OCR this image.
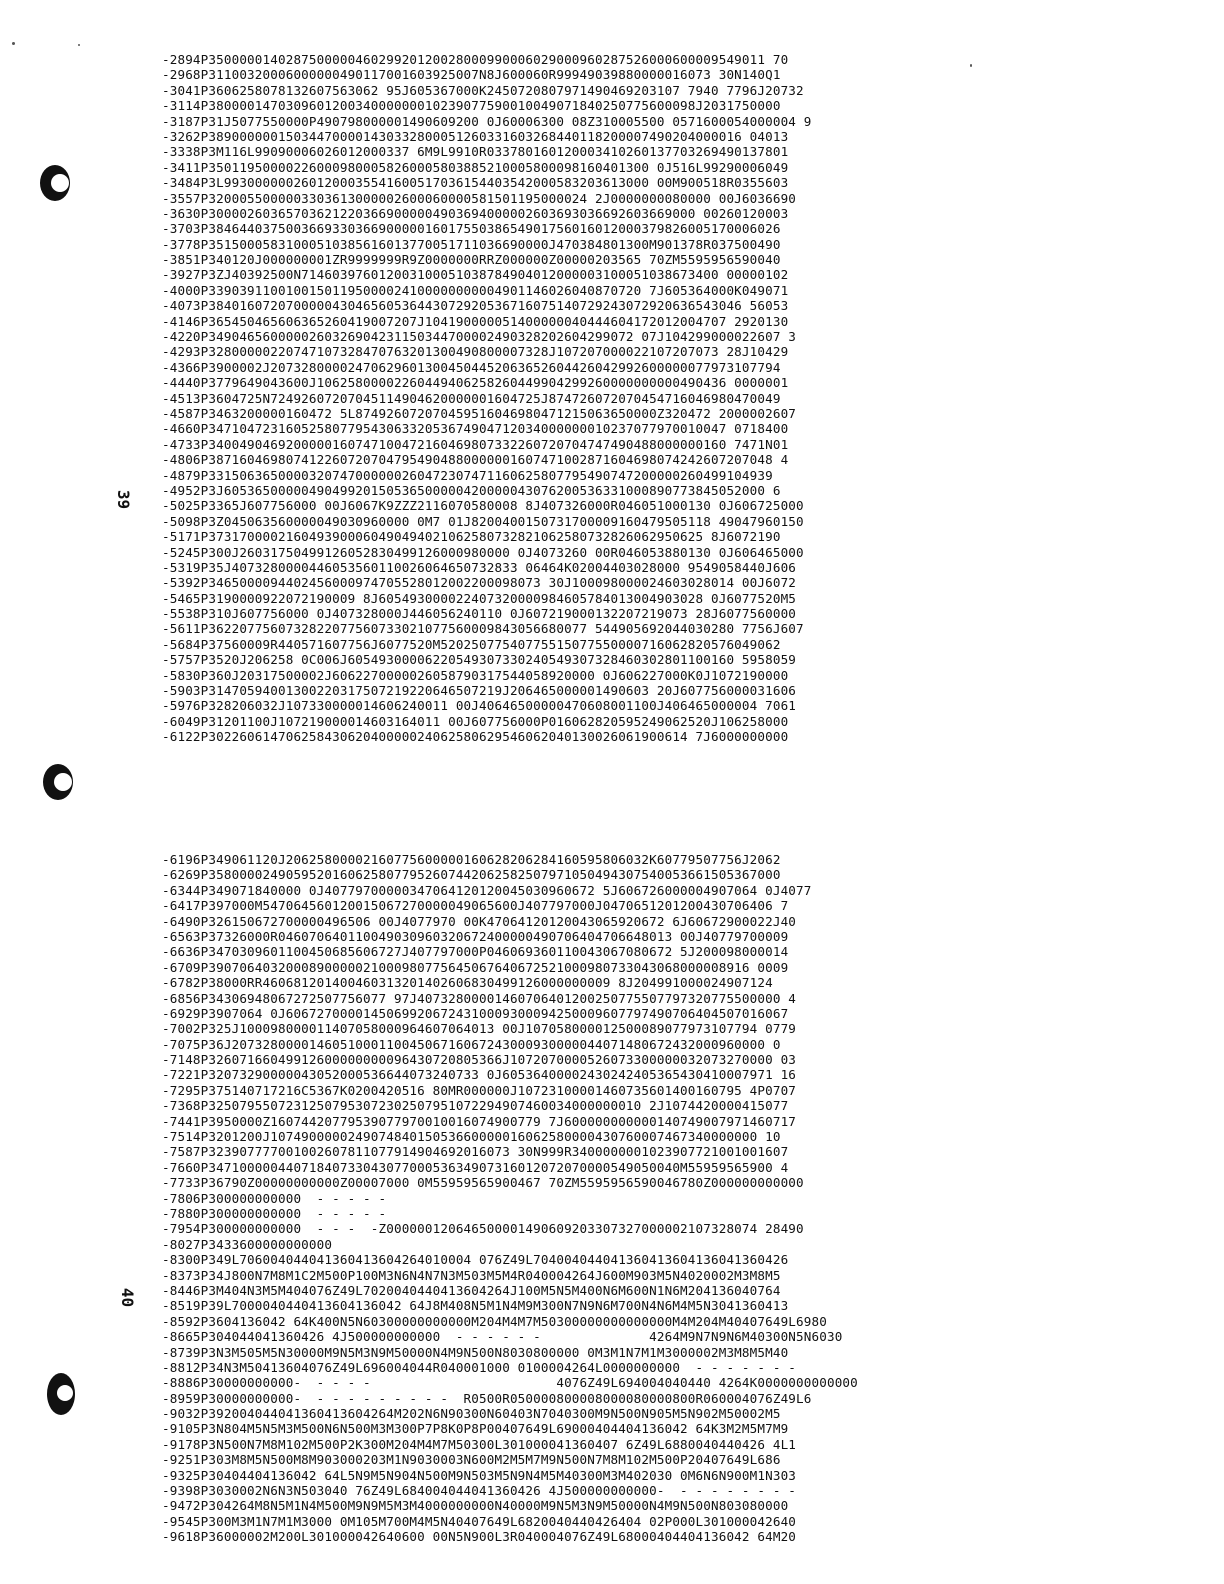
39
40
-2894P350000014028750000046029920120028000990006029000960287526000600009549011 70
-2968P31100320006000000490117001603925007N8J600060R99949039880000016073 30N140Q1
-3041P3606258078132607563062 95J605367000K2450720807971490469203107 7940 7796J20732
-3114P380000147030960120034000000010239077590010049071840250775600098J2031750000
-3187P31J5077550000P490798000001490609200 0J60006300 08Z310005500 0571600054000004 9
-3262P389000000150344700001430332800051260331603268440118200007490204000016 04013
-3338P3M116L99090006026012000337 6M9L9910R033780160120003410260137703269490137801
-3411P350119500002260009800058260005803885210005800098160401300 0J516L99290006049
-3484P3L9930000002601200035541600517036154403542000583203613000 00M900518R0355603
-3557P3200055000003303613000002600060000581501195000024 2J0000000080000 00J6036690
-3630P300002603657036212203669000004903694000002603693036692603669000 00260120003
-3703P38464403750036693303669000001601755038654901756016012000379826005170006026
-3778P35150005831000510385616013770051711036690000J470384801300M901378R037500490
-3851P340120J000000001ZR9999999R9Z0000000RRZ000000Z00000203565 70ZM5595956590040
-3927P3ZJ40392500N714603976012003100051038784904012000003100051038673400 00000102
-4000P33903911001001501195000024100000000004901146026040870720 7J605364000K049071
-4073P384016072070000043046560536443072920536716075140729243072920636543046 56053
-4146P365450465606365260419007207J104190000051400000040444604172012004707 2920130
-4220P3490465600000260326904231150344700002490328202604299072 07J104299000022607 3
-4293P32800000220747107328470763201300490800007328J107207000022107207073 28J10429
-4366P3900002J207328000024706296013004504452063652604426042992600000077973107794
-4440P3779649043600J10625800002260449406258260449904299260000000000490436 0000001
-4513P3604725N72492607207045114904620000001604725J874726072070454716046980470049
-4587P3463200000160472 5L874926072070459516046980471215063650000Z320472 2000002607
-4660P3471047231605258077954306332053674904712034000000010237077970010047 0718400
-4733P3400490469200000160747100472160469807332260720704747490488000000160 7471N01
-4806P3871604698074122607207047954904880000001607471002871604698074242607207048 4
-4879P3315063650000320747000000260472307471160625807795490747200000260499104939
-4952P3J6053650000049049920150536500000420000043076200536331000890773845052000 6
-5025P3365J607756000 00J6067K9ZZZ2116070580008 8J407326000R046051000130 0J606725000
-5098P3Z045063560000049030960000 0M7 01J8200400150731700009160479505118 49047960150
-5171P3731700002160493900060490494021062580732821062580732826062950625 8J6072190
-5245P300J26031750499126052830499126000980000 0J4073260 00R046053880130 0J606465000
-5319P35J4073280000446053560110026064650732833 06464K02004403028000 9549058440J606
-5392P3465000094402456000974705528012002200098073 30J100098000024603028014 00J6072
-5465P3190000922072190009 8J605493000022407320000984605784013004903028 0J6077520M5
-5538P310J607756000 0J407328000J446056240110 0J607219000132207219073 28J6077560000
-5611P3622077560732822077560733021077560009843056680077 544905692044030280 7756J607
-5684P37560009R440571607756J6077520M52025077540775515077550000716062820576049062
-5757P3520J206258 0C006J60549300006220549307330240549307328460302801100160 5958059
-5830P360J20317500002J6062270000026058790317544058920000 0J606227000K0J1072190000
-5903P31470594001300220317507219220646507219J206465000001490603 20J607756000031606
-5976P328206032J107330000014606240011 00J40646500000470608001100J406465000004 7061
-6049P31201100J107219000014603164011 00J607756000P016062820595249062520J106258000
-6122P30226061470625843062040000024062580629546062040130026061900614 7J6000000000
-6196P349061120J20625800002160775600000160628206284160595806032K60779507756J2062
-6269P35800002490595201606258077952607442062582507971050494307540053661505367000
-6344P349071840000 0J40779700000347064120120045030960672 5J606726000004907064 0J4077
-6417P397000M547064560120015067270000049065600J407797000J0470651201200430706406 7
-6490P326150672700000496506 00J4077970 00K47064120120043065920672 6J60672900022J40
-6563P37326000R046070640110049030960320672400000490706404706648013 00J40779700009
-6636P3470309601100450685606727J407797000P046069360110043067080672 5J200098000014
-6709P3907064032000890000021000980775645067640672521000980733043068000008916 0009
-6782P38000RR460681201400460313201402606830499126000000009 8J204991000024907124
-6856P34306948067272507756077 97J40732800001460706401200250775507797320775500000 4
-6929P3907064 0J60672700001450699206724310009300094250009607797490706404507016067
-7002P325J100098000011407058000964607064013 00J107058000012500089077973107794 0779
-7075P36J207328000014605100011004506716067243000930000044071480672432000960000 0
-7148P32607166049912600000000096430720805366J1072070000526073300000032073270000 03
-7221P32073290000043052000536644073240733 0J60536400002430242405365430410007971 16
-7295P375140717216C5367K0200420516 80MR000000J10723100001460735601400160795 4P0707
-7368P32507955072312507953072302507951072294907460034000000010 2J1074420000415077
-7441P3950000Z16074420779539077970010016074900779 7J600000000000140749007971460717
-7514P3201200J107490000024907484015053660000016062580000430760007467340000000 10
-7587P323907777001002607811077914904692016073 30N999R3400000001023907721001001607
-7660P3471000004407184073304307700053634907316012072070000549050040M55959565900 4
-7733P36790Z00000000000Z00007000 0M55959565900467 70ZM5595956590046780Z000000000000
-7806P300000000000  - - - - -
-7880P300000000000  - - - - -
-7954P300000000000  - - -  -Z000000120646500001490609203307327000002107328074 28490
-8027P3433600000000000
-8300P349L706004044041360413604264010004 076Z49L704004044041360413604136041360426
-8373P34J800N7M8M1C2M500P100M3N6N4N7N3M503M5M4R040004264J600M903M5N4020002M3M8M5
-8446P3M404N3M5M404076Z49L7020040440413604264J100M5N5M400N6M600N1N6M204136040764
-8519P39L7000040440413604136042 64J8M408N5M1N4M9M300N7N9N6M700N4N6M4M5N3041360413
-8592P3604136042 64K400N5N60300000000000M204M4M7M50300000000000000M4M204M40407649L6980
-8665P304044041360426 4J500000000000  - - - - - -              4264M9N7N9N6M40300N5N6030
-8739P3N3M505M5N30000M9N5M3N9M50000N4M9N500N8030800000 0M3M1N7M1M3000002M3M8M5M40
-8812P34N3M50413604076Z49L696004044R040001000 0100004264L0000000000  - - - - - - -
-8886P30000000000-  - - - -                        4076Z49L694004040440 4264K0000000000000
-8959P30000000000-  - - - - - - - - -  R0500R050000800008000080000800R060004076Z49L6
-9032P392004044041360413604264M202N6N90300N60403N7040300M9N500N905M5N902M50002M5
-9105P3N804M5N5M3M500N6N500M3M300P7P8K0P8P00407649L69000404404136042 64K3M2M5M7M9
-9178P3N500N7M8M102M500P2K300M204M4M7M50300L301000041360407 6Z49L6880040440426 4L1
-9251P303M8M5N500M8M903000203M1N9030003N600M2M5M7M9N500N7M8M102M500P20407649L686
-9325P30404404136042 64L5N9M5N904N500M9N503M5N9N4M5M40300M3M402030 0M6N6N900M1N303
-9398P3030002N6N3N503040 76Z49L684004044041360426 4J500000000000-  - - - - - - - -
-9472P304264M8N5M1N4M500M9N9M5M3M4000000000N40000M9N5M3N9M50000N4M9N500N803080000
-9545P300M3M1N7M1M3000 0M105M700M4M5N40407649L6820040440426404 02P000L301000042640
-9618P36000002M200L301000042640600 00N5N900L3R040004076Z49L68000404404136042 64M20
